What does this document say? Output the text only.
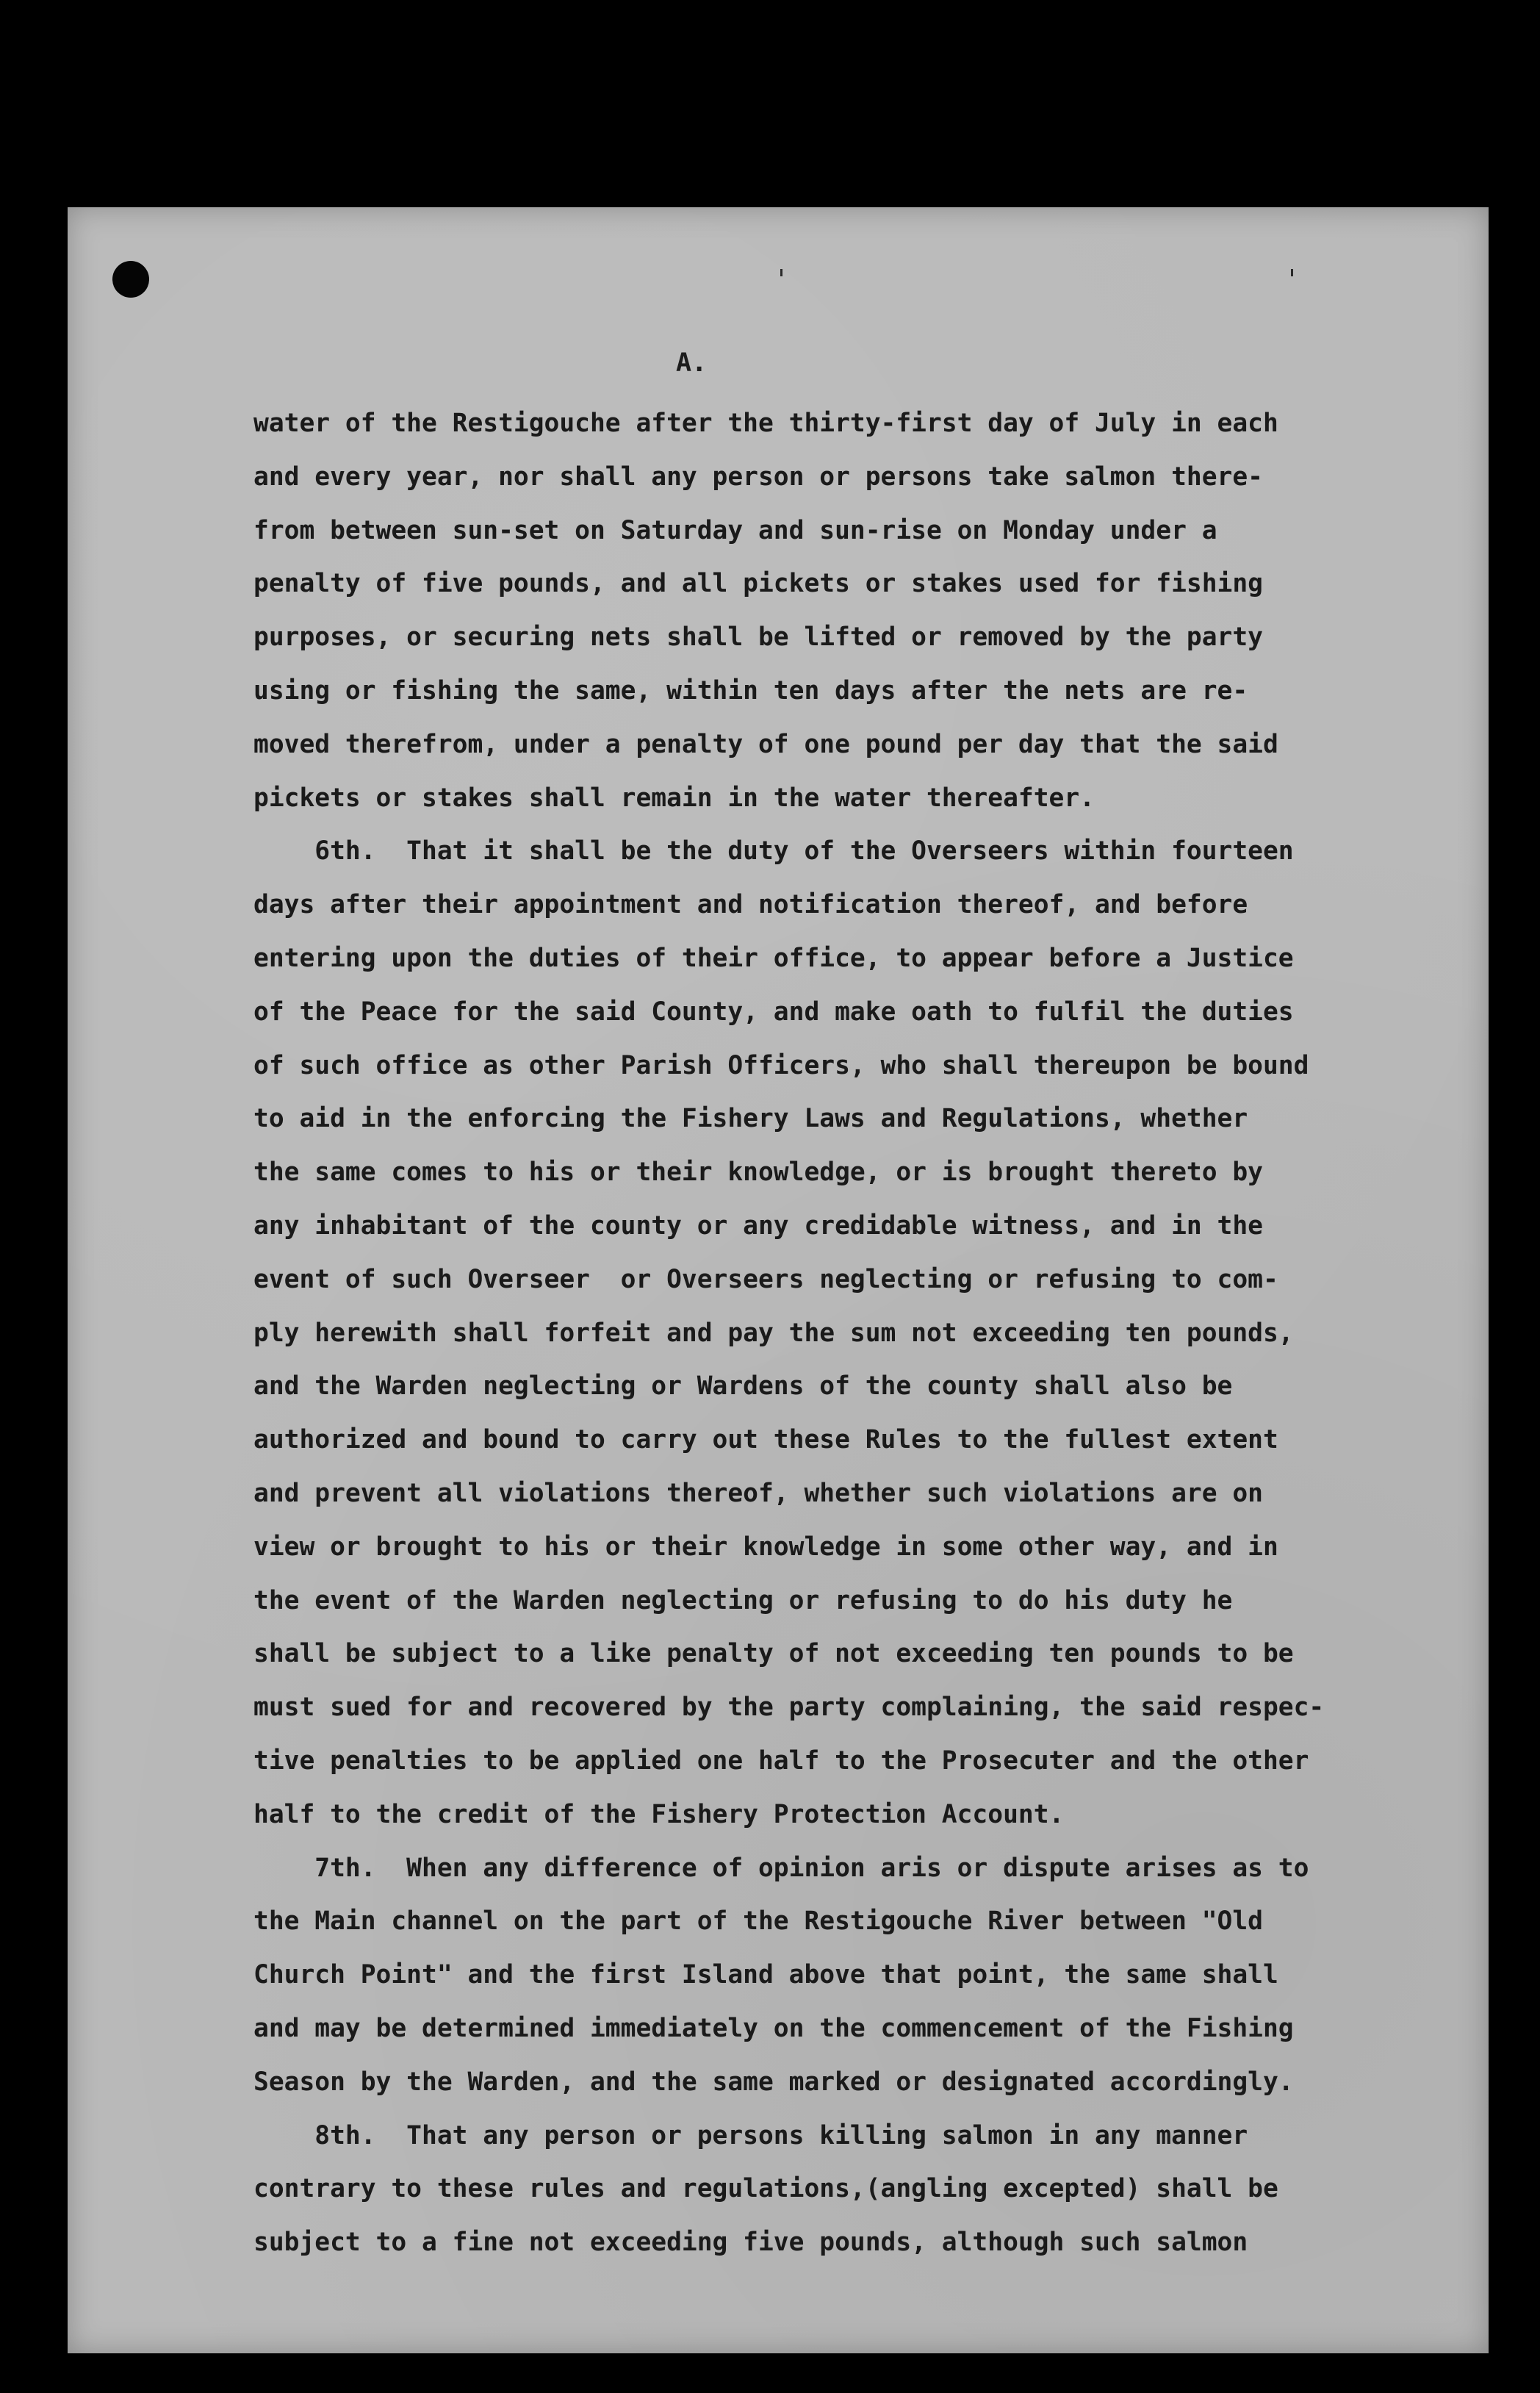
A.
water of the Restigouche after the thirty-first day of July in each
and every year, nor shall any person or persons take salmon there-
from between sun-set on Saturday and sun-rise on Monday under a
penalty of five pounds, and all pickets or stakes used for fishing
purposes, or securing nets shall be lifted or removed by the party
using or fishing the same, within ten days after the nets are re-
moved therefrom, under a penalty of one pound per day that the said
pickets or stakes shall remain in the water thereafter.
6th.  That it shall be the duty of the Overseers within fourteen
days after their appointment and notification thereof, and before
entering upon the duties of their office, to appear before a Justice
of the Peace for the said County, and make oath to fulfil the duties
of such office as other Parish Officers, who shall thereupon be bound
to aid in the enforcing the Fishery Laws and Regulations, whether
the same comes to his or their knowledge, or is brought thereto by
any inhabitant of the county or any credidable witness, and in the
event of such Overseer  or Overseers neglecting or refusing to com-
ply herewith shall forfeit and pay the sum not exceeding ten pounds,
and the Warden neglecting or Wardens of the county shall also be
authorized and bound to carry out these Rules to the fullest extent
and prevent all violations thereof, whether such violations are on
view or brought to his or their knowledge in some other way, and in
the event of the Warden neglecting or refusing to do his duty he
shall be subject to a like penalty of not exceeding ten pounds to be
must sued for and recovered by the party complaining, the said respec-
tive penalties to be applied one half to the Prosecuter and the other
half to the credit of the Fishery Protection Account.
7th.  When any difference of opinion aris or dispute arises as to
the Main channel on the part of the Restigouche River between "Old
Church Point" and the first Island above that point, the same shall
and may be determined immediately on the commencement of the Fishing
Season by the Warden, and the same marked or designated accordingly.
8th.  That any person or persons killing salmon in any manner
contrary to these rules and regulations,(angling excepted) shall be
subject to a fine not exceeding five pounds, although such salmon
